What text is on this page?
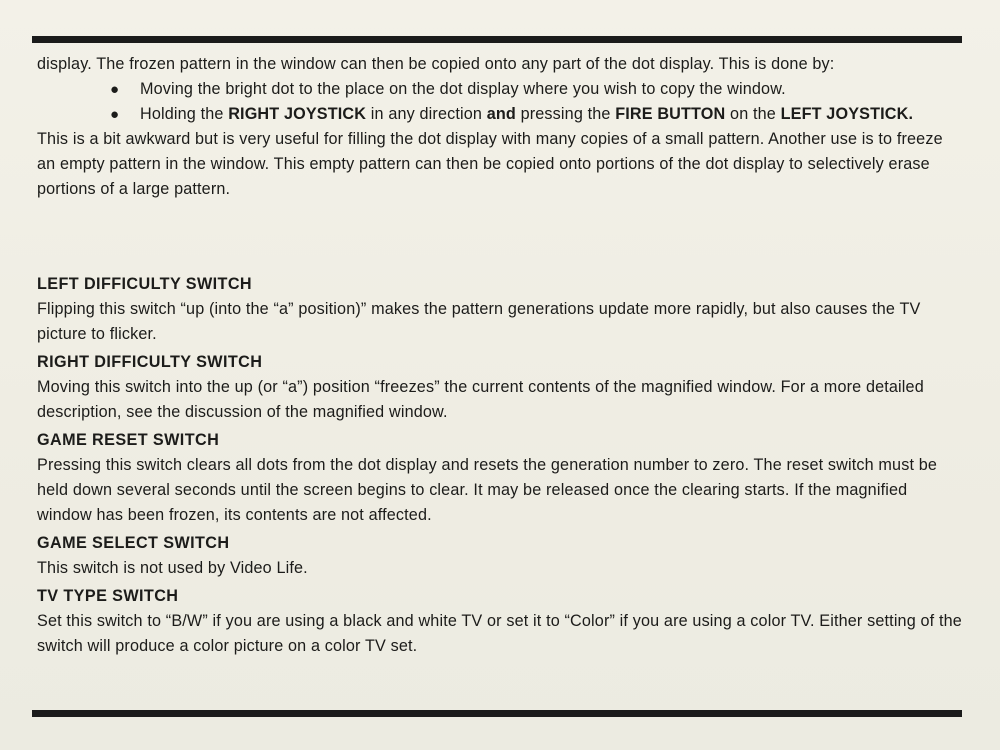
display. The frozen pattern in the window can then be copied onto any part of the dot display. This is done by:

● Moving the bright dot to the place on the dot display where you wish to copy the window.
● Holding the RIGHT JOYSTICK in any direction and pressing the FIRE BUTTON on the LEFT JOYSTICK.

This is a bit awkward but is very useful for filling the dot display with many copies of a small pattern. Another use is to freeze an empty pattern in the window. This empty pattern can then be copied onto portions of the dot display to selectively erase portions of a large pattern.

LEFT DIFFICULTY SWITCH

Flipping this switch “up (into the “a” position)” makes the pattern generations update more rapidly, but also causes the TV picture to flicker.

RIGHT DIFFICULTY SWITCH

Moving this switch into the up (or “a”) position “freezes” the current contents of the magnified window. For a more detailed description, see the discussion of the magnified window.

GAME RESET SWITCH

Pressing this switch clears all dots from the dot display and resets the generation number to zero. The reset switch must be held down several seconds until the screen begins to clear. It may be released once the clearing starts. If the magnified window has been frozen, its contents are not affected.

GAME SELECT SWITCH

This switch is not used by Video Life.

TV TYPE SWITCH

Set this switch to “B/W” if you are using a black and white TV or set it to “Color” if you are using a color TV. Either setting of the switch will produce a color picture on a color TV set.
